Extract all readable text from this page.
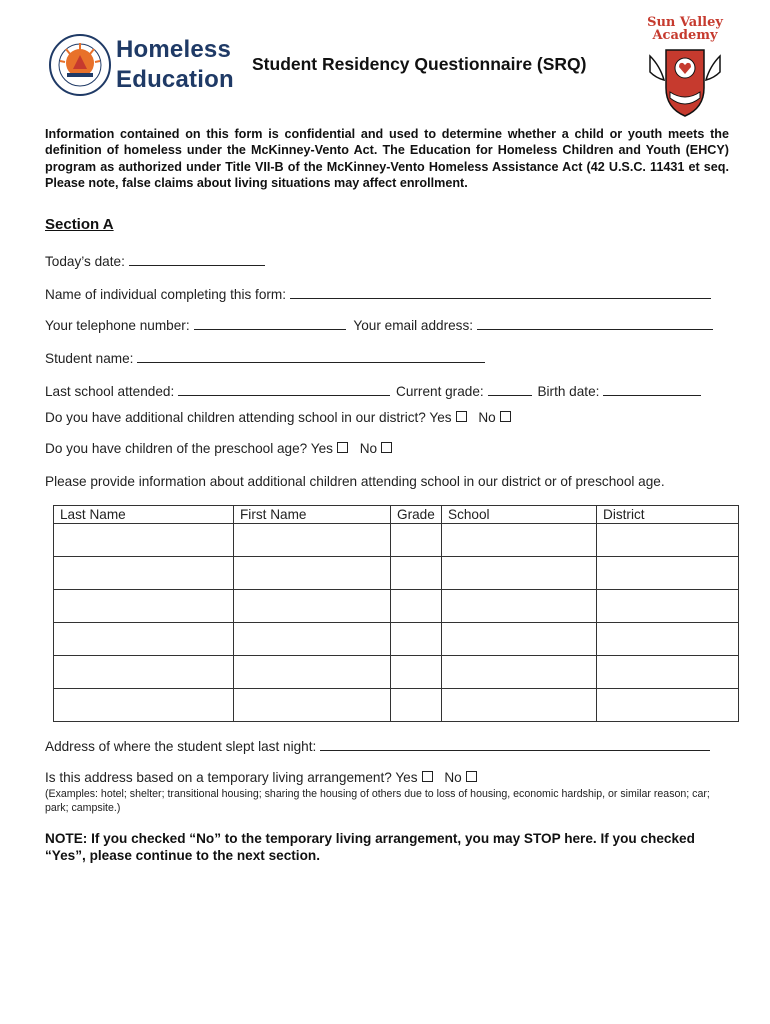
Homeless
Education
Student Residency Questionnaire (SRQ)
Sun Valley
Academy
Information contained on this form is confidential and used to determine whether a child or youth meets the definition of homeless under the McKinney-Vento Act. The Education for Homeless Children and Youth (EHCY) program as authorized under Title VII-B of the McKinney-Vento Homeless Assistance Act (42 U.S.C. 11431 et seq. Please note, false claims about living situations may affect enrollment.
Section A
Today’s date:
Name of individual completing this form:
Your telephone number:	Your email address:
Student name:
Last school attended:	Current grade:	Birth date:
Do you have additional children attending school in our district? Yes No
Do you have children of the preschool age? Yes No
Please provide information about additional children attending school in our district or of preschool age.
Last Name	First Name	Grade	School	District

Address of where the student slept last night:
Is this address based on a temporary living arrangement? Yes No
(Examples: hotel; shelter; transitional housing; sharing the housing of others due to loss of housing, economic hardship, or similar reason; car; park; campsite.)
NOTE: If you checked “No” to the temporary living arrangement, you may STOP here. If you checked “Yes”, please continue to the next section.
